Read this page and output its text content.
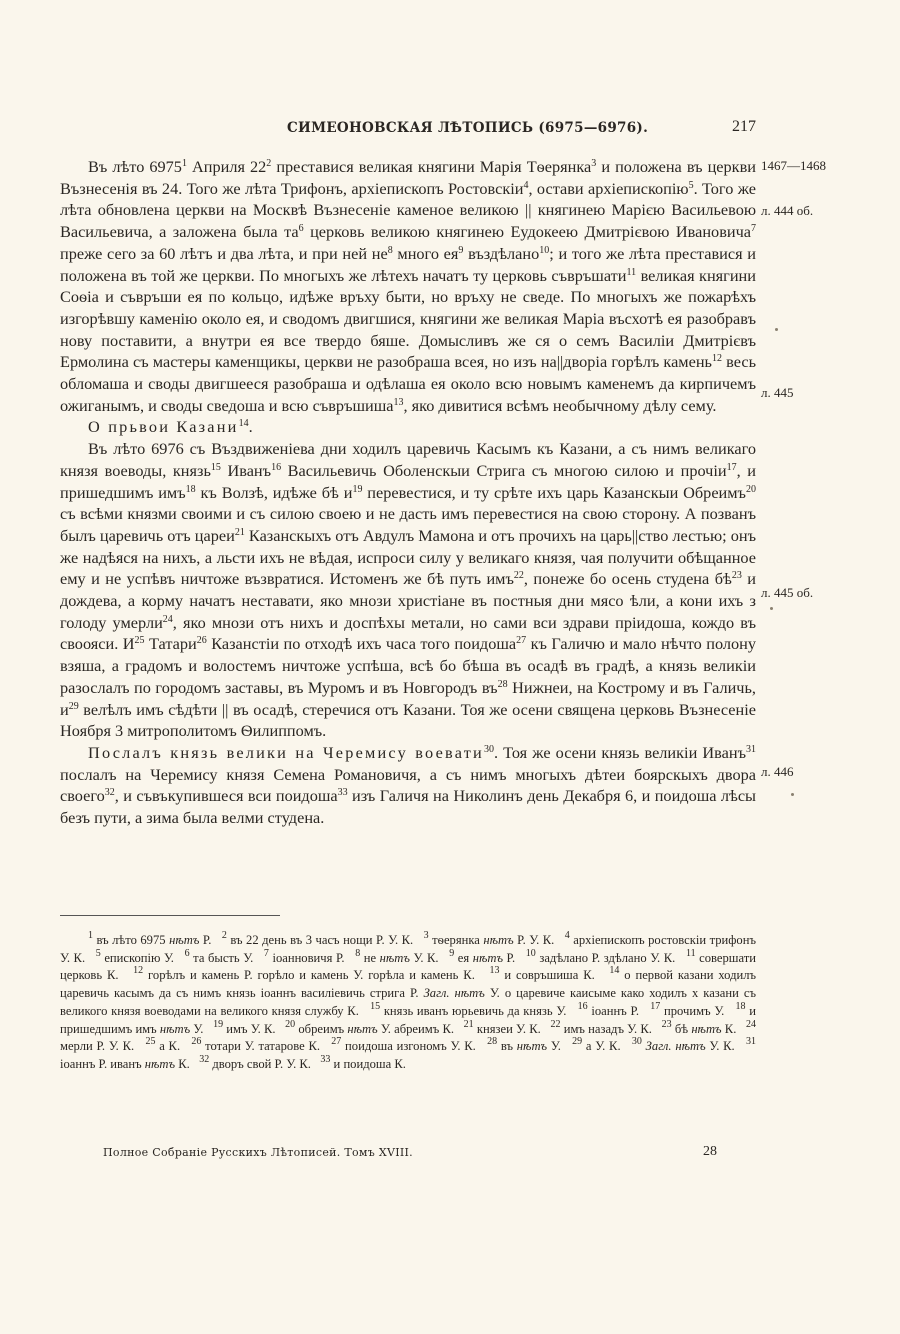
СИМЕОНОВСКАЯ ЛѢТОПИСЬ (6975—6976).	217
1467—1468
л. 444 об.
л. 445
л. 445 об.
л. 446

Въ лѣто 6975$^1$ Априля $22^2$ преставися великая княгини Марія Тѳерянка$^3$ и положена въ церкви Възнесенія въ 24. Того же лѣта Трифонъ, архіепископъ Ростовскіи$^4$, остави архіепископію$^5$. Того же лѣта обновлена церкви на Москвѣ Възнесеніе каменое великою || княгинею Марією Васильевою Васильевича, а заложена была $та^6$ церковь великою княгинею Еудокеею Дмитрієвою Ивановича$^7$ преже сего за 60 лѣтъ и два лѣта, и при ней $не^8$ много $ея^9$ въздѣлано$^{10}$; и того же лѣта преставися и положена въ той же церкви. По многыхъ же лѣтехъ начатъ ту церковь съвръшати$^{11}$ великая княгини Соѳіа и съвръши ея по кольцо, идѣже връху быти, но връху не сведе. По многыхъ же пожарѣхъ изгорѣвшу каменію около ея, и сводомъ двигшися, княгини же великая Маріа въсхотѣ ея разобравъ нову поставити, а внутри ея все твердо бяше. Домысливъ же ся о семъ Василіи Дмитрієвъ Ермолина съ мастеры каменщикы, церкви не разобраша всея, но изъ на||дворіа горѣлъ камень$^{12}$ весь обломаша и своды двигшееся разобраша и одѣлаша ея около всю новымъ каменемъ да кирпичемъ ожиганымъ, и своды сведоша и всю съвръшиша$^{13}$, яко дивитися всѣмъ необычному дѣлу сему.

О прьвои Казани$^{14}$.

Въ лѣто 6976 съ Въздвиженіева дни ходилъ царевичь Касымъ къ Казани, а съ нимъ великаго князя воеводы, князь$^{15}$ Иванъ$^{16}$ Васильевичь Оболенскыи Стрига съ многою силою и прочіи$^{17}$, и пришедшимъ имъ$^{18}$ къ Волзѣ, идѣже бѣ $и^{19}$ перевестися, и ту срѣте ихъ царь Казанскыи Обреимъ$^{20}$ съ всѣми князми своими и съ силою своею и не дасть имъ перевестися на свою сторону. А позванъ былъ царевичь отъ цареи$^{21}$ Казанскыхъ отъ Авдулъ Мамона и отъ прочихъ на царь||ство лестью; онъ же надѣяся на нихъ, а льсти ихъ не вѣдая, испроси силу у великаго князя, чая получити обѣщанное ему и не успѣвъ ничтоже възвратися. Истоменъ же бѣ путь имъ$^{22}$, понеже бо осень студена $бѣ^{23}$ и дождева, а корму начатъ неставати, яко мнози христіане въ постныя дни мясо ѣли, а кони ихъ з голоду умерли$^{24}$, яко мнози отъ нихъ и доспѣхы метали, но сами вси здрави пріидоша, кождо въ своояси. $И^{25}$ Татари$^{26}$ Казанстіи по отходѣ ихъ часа того поидоша$^{27}$ къ Галичю и мало нѣчто полону взяша, а градомъ и волостемъ ничтоже успѣша, всѣ бо бѣша въ осадѣ въ градѣ, а князь великіи разослалъ по городомъ заставы, въ Муромъ и въ Новгородъ $въ^{28}$ Нижнеи, на Кострому и въ Галичь, $и^{29}$ велѣлъ имъ сѣдѣти || въ осадѣ, стеречися отъ Казани. Тоя же осени священа церковь Възнесеніе Ноября 3 митрополитомъ Ѳилиппомъ.

Послалъ князь велики на Черемису воевати$^{30}$. Тоя же осени князь великіи Иванъ$^{31}$ послалъ на Черемису князя Семена Романовичя, а съ нимъ многыхъ дѣтеи боярскыхъ двора своего$^{32}$, и съвъкупившеся вси поидоша$^{33}$ изъ Галичя на Николинъ день Декабря 6, и поидоша лѣсы безъ пути, а зима была велми студена.

$^1$ въ лѣто 6975 нѣтъ Р. $^2$ въ 22 день въ 3 часъ нощи Р. У. К. $^3$ тѳерянка нѣтъ Р. У. К. $^4$ архіепископъ ростовскіи трифонъ У. К. $^5$ епископію У. $^6$ та бысть У. $^7$ іоанновичя Р. $^8$ не нѣтъ У. К. $^9$ ея нѣтъ Р. $^{10}$ задѣлано Р. здѣлано У. К. $^{11}$ совершати церковь К. $^{12}$ горѣлъ и камень Р. горѣло и камень У. горѣла и камень К. $^{13}$ и совръшиша К. $^{14}$ о первой казани ходилъ царевичь касымъ да съ нимъ князь іоаннъ василіевичь стрига Р. Загл. нѣтъ У. о царевиче каисыме како ходилъ х казани съ великого князя воеводами на великого князя службу К. $^{15}$ князь иванъ юрьевичь да князь У. $^{16}$ іоаннъ Р. $^{17}$ прочимъ У. $^{18}$ и пришедшимъ имъ нѣтъ У. $^{19}$ имъ У. К. $^{20}$ обреимъ нѣтъ У. абреимъ К. $^{21}$ князеи У. К. $^{22}$ имъ назадъ У. К. $^{23}$ бѣ нѣтъ К. $^{24}$ мерли Р. У. К. $^{25}$ а К. $^{26}$ тотари У. татарове К. $^{27}$ поидоша изгономъ У. К. $^{28}$ въ нѣтъ У. $^{29}$ а У. К. $^{30}$ Загл. нѣтъ У. К. $^{31}$ іоаннъ Р. иванъ нѣтъ К. $^{32}$ дворъ свой Р. У. К. $^{33}$ и поидоша К.

Полное Собраніе Русскихъ Лѣтописей. Томъ XVIII.	28
